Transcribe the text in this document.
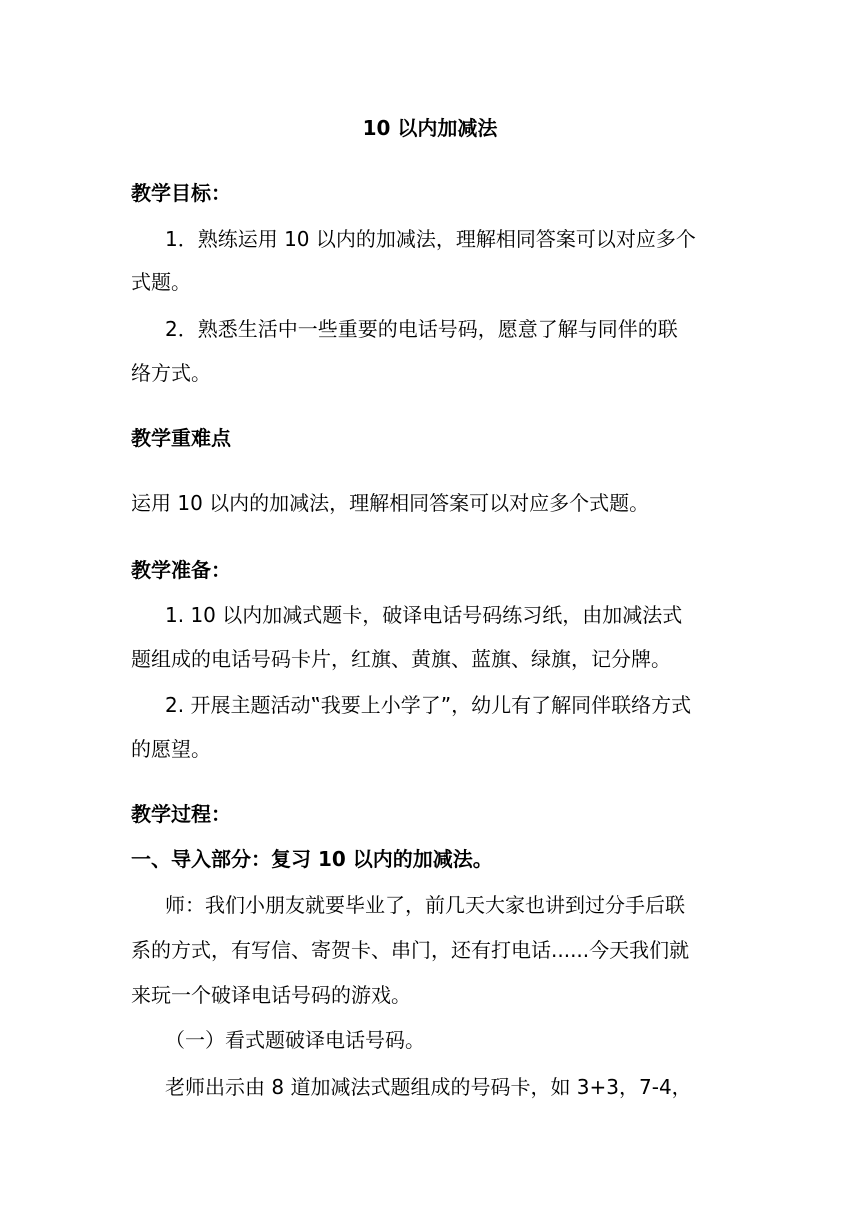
10 以内加减法
教学目标：
1．熟练运用 10 以内的加减法，理解相同答案可以对应多个
式题。
2．熟悉生活中一些重要的电话号码，愿意了解与同伴的联
络方式。
教学重难点
运用 10 以内的加减法，理解相同答案可以对应多个式题。
教学准备：
1. 10 以内加减式题卡，破译电话号码练习纸，由加减法式
题组成的电话号码卡片，红旗、黄旗、蓝旗、绿旗，记分牌。
2. 开展主题活动‟我要上小学了”，幼儿有了解同伴联络方式
的愿望。
教学过程：
一、导入部分：复习 10 以内的加减法。
师：我们小朋友就要毕业了，前几天大家也讲到过分手后联
系的方式，有写信、寄贺卡、串门，还有打电话......今天我们就
来玩一个破译电话号码的游戏。
（一）看式题破译电话号码。
老师出示由 8 道加减法式题组成的号码卡，如 3+3，7-4，
